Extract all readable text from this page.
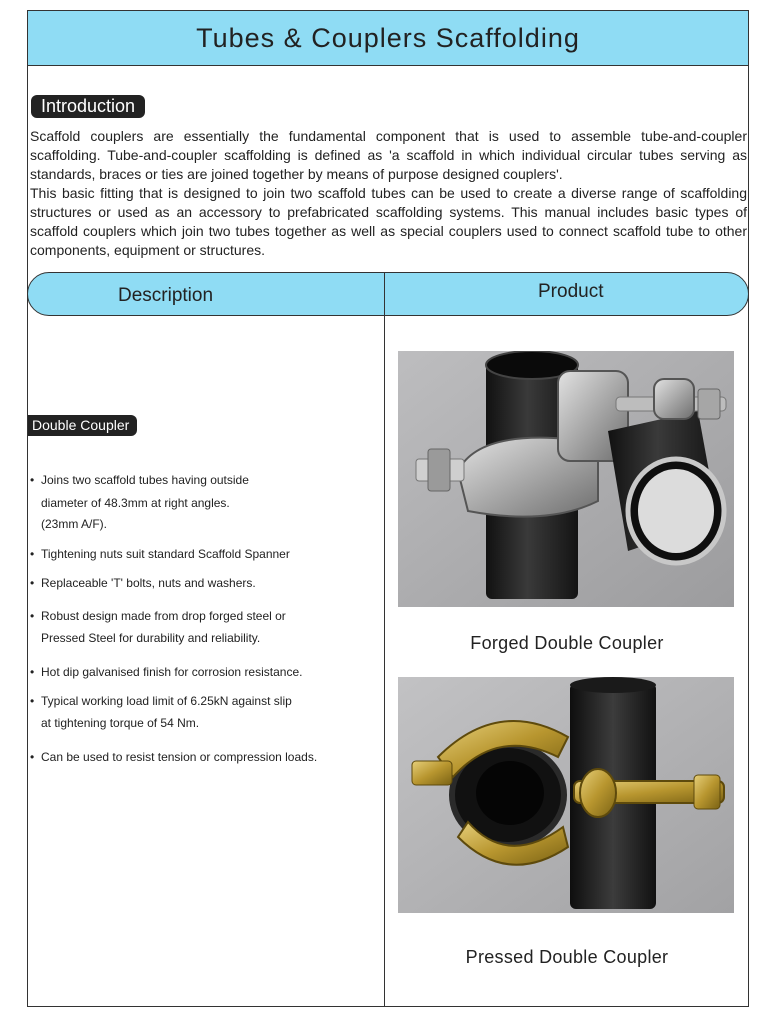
Tubes & Couplers Scaffolding
Introduction

Scaffold couplers are essentially the fundamental component that is used to assemble tube-and-coupler scaffolding. Tube-and-coupler scaffolding is defined as 'a scaffold in which individual circular tubes serving as standards, braces or ties are joined together by means of purpose designed couplers'.

This basic fitting that is designed to join two scaffold tubes can be used to create a diverse range of scaffolding structures or used as an accessory to prefabricated scaffolding systems. This manual includes basic types of scaffold couplers which join two tubes together as well as special couplers used to connect scaffold tube to other components, equipment or structures.

Description	Product
Double Coupler
• Joins two scaffold tubes having outside
diameter of 48.3mm at right angles.
(23mm A/F).
• Tightening nuts suit standard Scaffold Spanner
• Replaceable 'T' bolts, nuts and washers.
• Robust design made from drop forged steel or
Pressed Steel for durability and reliability.
• Hot dip galvanised finish for corrosion resistance.
• Typical working load limit of 6.25kN against slip
at tightening torque of 54 Nm.
• Can be used to resist tension or compression loads.
Forged Double Coupler
Pressed Double Coupler
